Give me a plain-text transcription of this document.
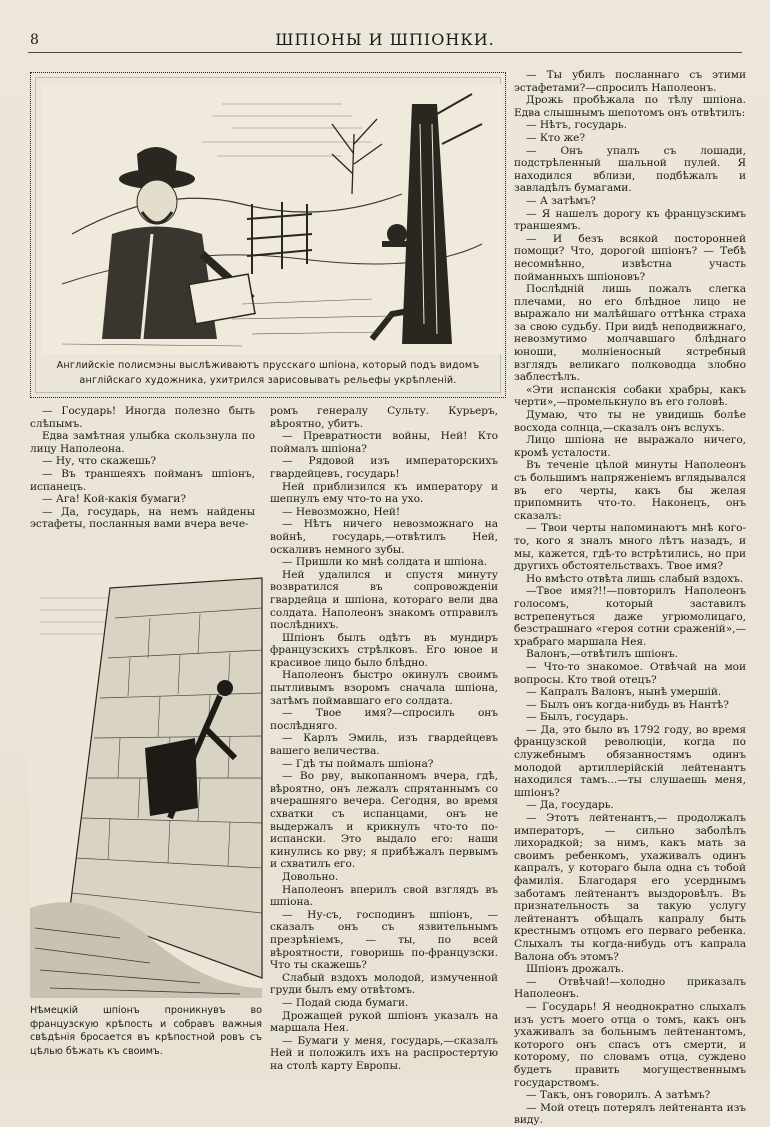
8	ШПІОНЫ И ШПІОНКИ.
Английскіе полисмэны выслѣживаютъ прусскаго шпіона, который подъ видомъ англійскаго художника, ухитрился зарисовывать рельефы укрѣпленій.

— Государь! Иногда полезно быть слѣпымъ.

Едва замѣтная улыбка скользнула по лицу Наполеона.

— Ну, что скажешь?

— Въ траншеяхъ пойманъ шпіонъ, испанецъ.

— Ага! Кой-какія бумаги?

— Да, государь, на немъ найдены эстафеты, посланныя вами вчера вече-

Нѣмецкій шпіонъ проникнувъ во французскую крѣпость и собравъ важныя свѣдѣнія бросается въ крѣпостной ровъ съ цѣлью бѣжать къ своимъ.

ромъ генералу Сульту. Курьеръ, вѣроятно, убитъ.

— Превратности войны, Ней! Кто поймалъ шпіона?

— Рядовой изъ императорскихъ гвардейцевъ, государь!

Ней приблизился къ императору и шепнулъ ему что-то на ухо.

— Невозможно, Ней!

— Нѣтъ ничего невозможнаго на войнѣ, государь,—отвѣтилъ Ней, оскаливъ немного зубы.

— Пришли ко мнѣ солдата и шпіона.

Ней удалился и спустя минуту возвратился въ сопровожденіи гвардейца и шпіона, котораго вели два солдата. Наполеонъ знакомъ отправилъ послѣднихъ.

Шпіонъ былъ одѣтъ въ мундиръ французскихъ стрѣлковъ. Его юное и красивое лицо было блѣдно.

Наполеонъ быстро окинулъ своимъ пытливымъ взоромъ сначала шпіона, затѣмъ поймавшаго его солдата.

— Твое имя?—спросилъ онъ послѣдняго.

— Карлъ Эмиль, изъ гвардейцевъ вашего величества.

— Гдѣ ты поймалъ шпіона?

— Во рву, выкопанномъ вчера, гдѣ, вѣроятно, онъ лежалъ спрятаннымъ со вчерашняго вечера. Сегодня, во время схватки съ испанцами, онъ не выдержалъ и крикнулъ что-то по-испански. Это выдало его: наши кинулись ко рву; я прибѣжалъ первымъ и схватилъ его.

Довольно.

Наполеонъ вперилъ свой взглядъ въ шпіона.

— Ну-съ, господинъ шпіонъ, — сказалъ онъ съ язвительнымъ презрѣніемъ, — ты, по всей вѣроятности, говоришь по-французски. Что ты скажешь?

Слабый вздохъ молодой, измученной груди былъ ему отвѣтомъ.

— Подай сюда бумаги.

Дрожащей рукой шпіонъ указалъ на маршала Нея.

— Бумаги у меня, государь,—сказалъ Ней и положилъ ихъ на распростертую на столѣ карту Европы.

— Ты убилъ посланнаго съ этими эстафетами?—спросилъ Наполеонъ.

Дрожь пробѣжала по тѣлу шпіона. Едва слышнымъ шепотомъ онъ отвѣтилъ:

— Нѣтъ, государь.

— Кто же?

— Онъ упалъ съ лошади, подстрѣленный шальной пулей. Я находился вблизи, подбѣжалъ и завладѣлъ бумагами.

— А затѣмъ?

— Я нашелъ дорогу къ французскимъ траншеямъ.

— И безъ всякой посторонней помощи? Что, дорогой шпіонъ? — Тебѣ несомнѣнно, извѣстна участь пойманныхъ шпіоновъ?

Послѣдній лишь пожалъ слегка плечами, но его блѣдное лицо не выражало ни малѣйшаго оттѣнка страха за свою судьбу. При видѣ неподвижнаго, невозмутимо молчавшаго блѣднаго юноши, молніеносный ястребный взглядъ великаго полководца злобно заблестѣлъ.

«Эти испанскія собаки храбры, какъ черти»,—промелькнуло въ его головѣ.

Думаю, что ты не увидишь болѣе восхода солнца,—сказалъ онъ вслухъ.

Лицо шпіона не выражало ничего, кромѣ усталости.

Въ теченіе цѣлой минуты Наполеонъ съ большимъ напряженіемъ вглядывался въ его черты, какъ бы желая припомнить что-то. Наконецъ, онъ сказалъ:

— Твои черты напоминаютъ мнѣ кого-то, кого я зналъ много лѣтъ назадъ, и мы, кажется, гдѣ-то встрѣтились, но при другихъ обстоятельствахъ. Твое имя?

Но вмѣсто отвѣта лишь слабый вздохъ.

—Твое имя?!!—повторилъ Наполеонъ голосомъ, который заставилъ встрепенуться даже угрюмолицаго, безстрашнаго «героя сотни сраженій»,—храбраго маршала Нея.

Валонъ,—отвѣтилъ шпіонъ.

— Что-то знакомое. Отвѣчай на мои вопросы. Кто твой отецъ?

— Капралъ Валонъ, нынѣ умершій.

— Былъ онъ когда-нибудь въ Нантѣ?

— Былъ, государь.

— Да, это было въ 1792 году, во время французской революціи, когда по служебнымъ обязанностямъ одинъ молодой артиллерійскій лейтенантъ находился тамъ...—ты слушаешь меня, шпіонъ?

— Да, государь.

— Этотъ лейтенантъ,— продолжалъ императоръ, — сильно заболѣлъ лихорадкой; за нимъ, какъ мать за своимъ ребенкомъ, ухаживалъ одинъ капралъ, у котораго была одна съ тобой фамилія. Благодаря его усерднымъ заботамъ лейтенантъ выздоровѣлъ. Въ признательность за такую услугу лейтенантъ обѣщалъ капралу быть крестнымъ отцомъ его перваго ребенка. Слыхалъ ты когда-нибудь отъ капрала Валона объ этомъ?

Шпіонъ дрожалъ.

— Отвѣчай!—холодно приказалъ Наполеонъ.

— Государь! Я неоднократно слыхалъ изъ устъ моего отца о томъ, какъ онъ ухаживалъ за больнымъ лейтенантомъ, которого онъ спасъ отъ смерти, и которому, по словамъ отца, суждено будетъ править могущественнымъ государствомъ.

— Такъ, онъ говорилъ. А затѣмъ?

— Мой отецъ потерялъ лейтенанта изъ виду.
